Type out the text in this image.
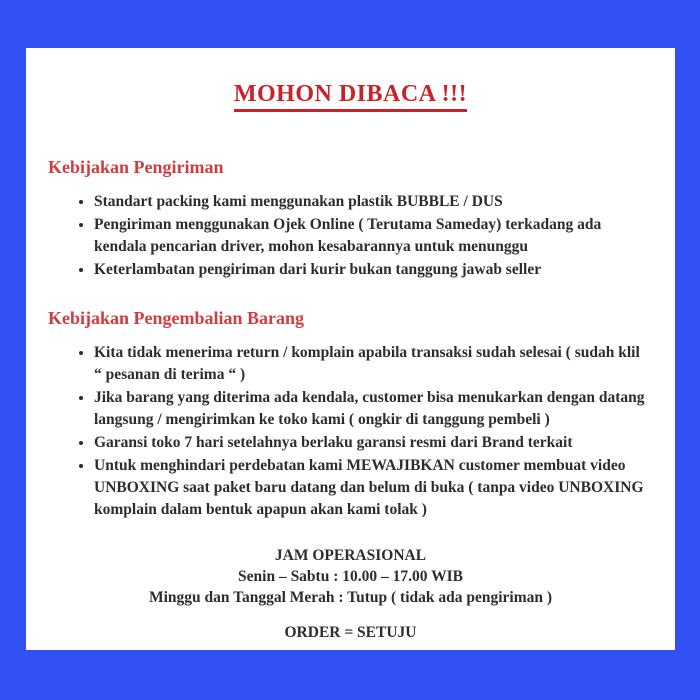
MOHON DIBACA !!!
Kebijakan Pengiriman
• Standart packing kami menggunakan plastik BUBBLE / DUS
• Pengiriman menggunakan Ojek Online ( Terutama Sameday) terkadang ada
kendala pencarian driver, mohon kesabarannya untuk menunggu
• Keterlambatan pengiriman dari kurir bukan tanggung jawab seller
Kebijakan Pengembalian Barang
• Kita tidak menerima return / komplain apabila transaksi sudah selesai ( sudah klil
“ pesanan di terima “ )
• Jika barang yang diterima ada kendala, customer bisa menukarkan dengan datang
langsung / mengirimkan ke toko kami ( ongkir di tanggung pembeli )
• Garansi toko 7 hari setelahnya berlaku garansi resmi dari Brand terkait
• Untuk menghindari perdebatan kami MEWAJIBKAN customer membuat video
UNBOXING saat paket baru datang dan belum di buka ( tanpa video UNBOXING
komplain dalam bentuk apapun akan kami tolak )
JAM OPERASIONAL
Senin – Sabtu : 10.00 – 17.00 WIB
Minggu dan Tanggal Merah : Tutup ( tidak ada pengiriman )
ORDER = SETUJU
